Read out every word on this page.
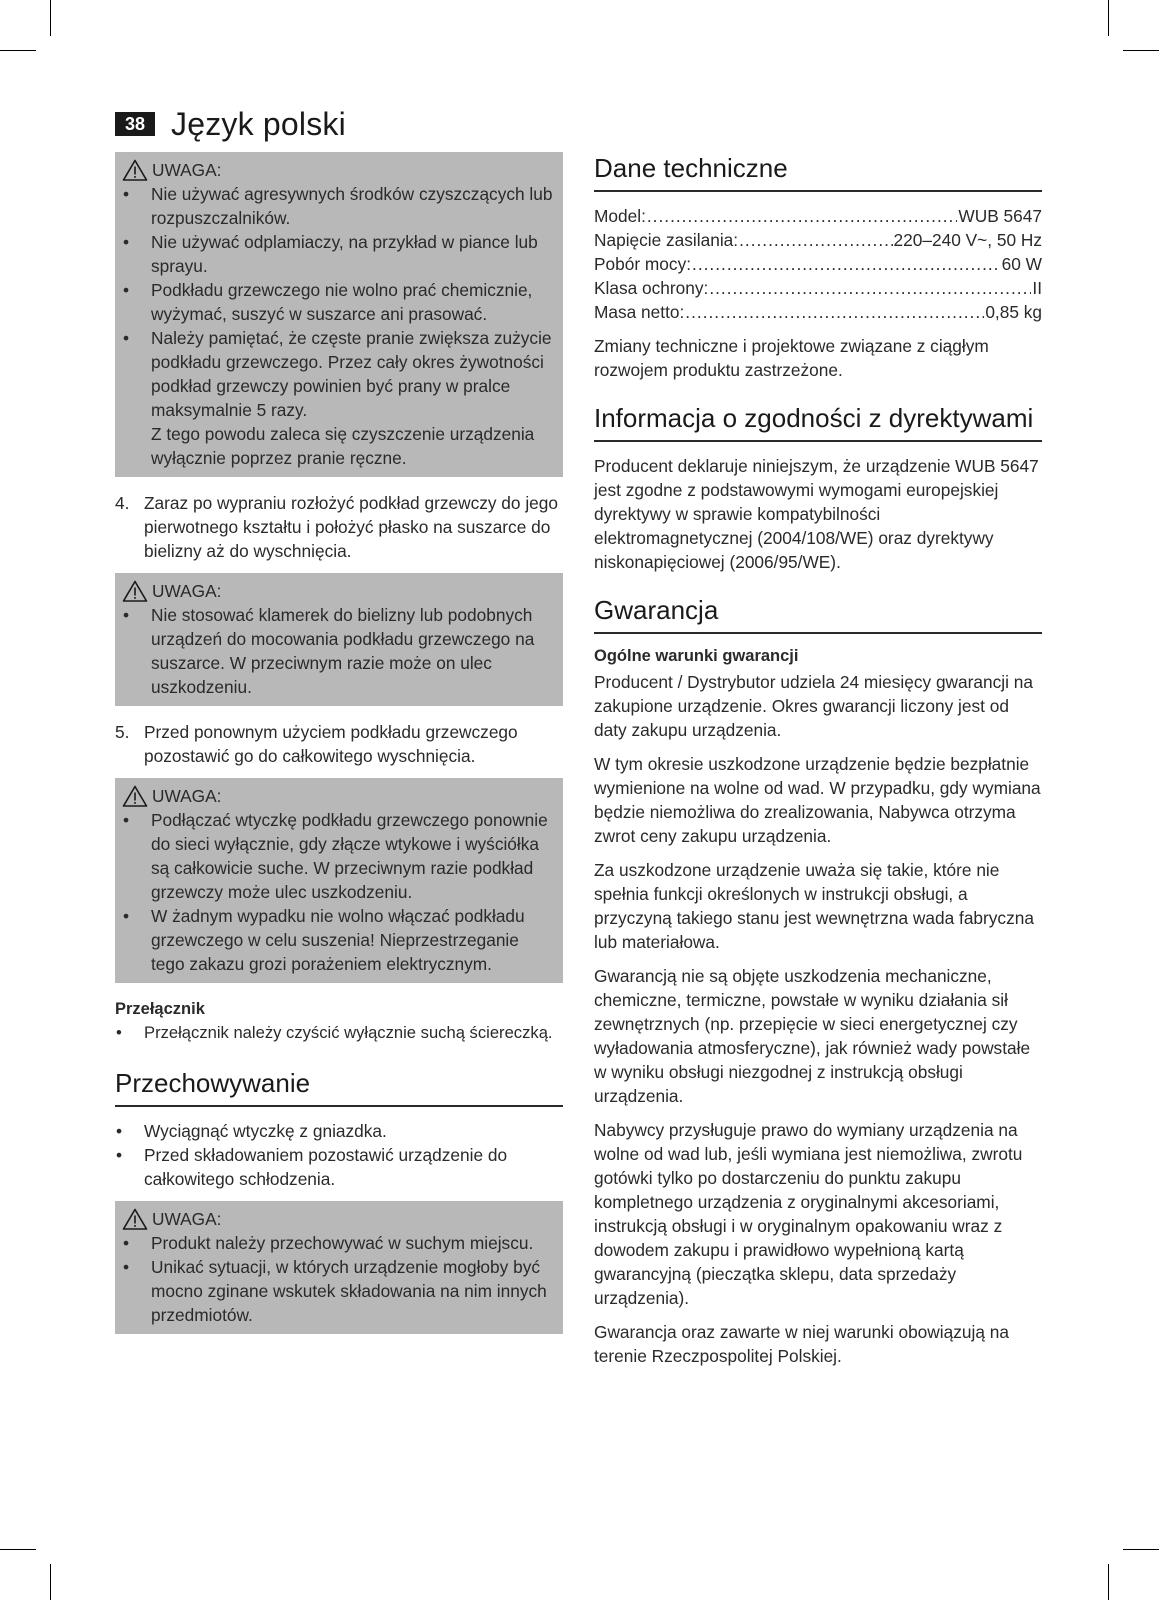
38 Język polski
UWAGA:
• Nie używać agresywnych środków czyszczących lub rozpuszczalników.
• Nie używać odplamiaczy, na przykład w piance lub sprayu.
• Podkładu grzewczego nie wolno prać chemicznie, wyżymać, suszyć w suszarce ani prasować.
• Należy pamiętać, że częste pranie zwiększa zużycie podkładu grzewczego. Przez cały okres żywotności podkład grzewczy powinien być prany w pralce maksymalnie 5 razy.
Z tego powodu zaleca się czyszczenie urządzenia wyłącznie poprzez pranie ręczne.
4. Zaraz po wypraniu rozłożyć podkład grzewczy do jego pierwotnego kształtu i położyć płasko na suszarce do bielizny aż do wyschnięcia.
UWAGA:
• Nie stosować klamerek do bielizny lub podobnych urządzeń do mocowania podkładu grzewczego na suszarce. W przeciwnym razie może on ulec uszkodzeniu.
5. Przed ponownym użyciem podkładu grzewczego pozostawić go do całkowitego wyschnięcia.
UWAGA:
• Podłączać wtyczkę podkładu grzewczego ponownie do sieci wyłącznie, gdy złącze wtykowe i wyściółka są całkowicie suche. W przeciwnym razie podkład grzewczy może ulec uszkodzeniu.
• W żadnym wypadku nie wolno włączać podkładu grzewczego w celu suszenia! Nieprzestrzeganie tego zakazu grozi porażeniem elektrycznym.
Przełącznik
• Przełącznik należy czyścić wyłącznie suchą ściereczką.
Przechowywanie
• Wyciągnąć wtyczkę z gniazdka.
• Przed składowaniem pozostawić urządzenie do całkowitego schłodzenia.
UWAGA:
• Produkt należy przechowywać w suchym miejscu.
• Unikać sytuacji, w których urządzenie mogłoby być mocno zginane wskutek składowania na nim innych przedmiotów.
Dane techniczne
Model: .....	WUB 5647
Napięcie zasilania: .....	220–240 V~, 50 Hz
Pobór mocy: .....	60 W
Klasa ochrony: .....	II
Masa netto: .....	0,85 kg

Zmiany techniczne i projektowe związane z ciągłym rozwojem produktu zastrzeżone.

Informacja o zgodności z dyrektywami

Producent deklaruje niniejszym, że urządzenie WUB 5647 jest zgodne z podstawowymi wymogami europejskiej dyrektywy w sprawie kompatybilności elektromagnetycznej (2004/108/WE) oraz dyrektywy niskonapięciowej (2006/95/WE).

Gwarancja
Ogólne warunki gwarancji

Producent / Dystrybutor udziela 24 miesięcy gwarancji na zakupione urządzenie. Okres gwarancji liczony jest od daty zakupu urządzenia.

W tym okresie uszkodzone urządzenie będzie bezpłatnie wymienione na wolne od wad. W przypadku, gdy wymiana będzie niemożliwa do zrealizowania, Nabywca otrzyma zwrot ceny zakupu urządzenia.

Za uszkodzone urządzenie uważa się takie, które nie spełnia funkcji określonych w instrukcji obsługi, a przyczyną takiego stanu jest wewnętrzna wada fabryczna lub materiałowa.

Gwarancją nie są objęte uszkodzenia mechaniczne, chemiczne, termiczne, powstałe w wyniku działania sił zewnętrznych (np. przepięcie w sieci energetycznej czy wyładowania atmosferyczne), jak również wady powstałe w wyniku obsługi niezgodnej z instrukcją obsługi urządzenia.

Nabywcy przysługuje prawo do wymiany urządzenia na wolne od wad lub, jeśli wymiana jest niemożliwa, zwrotu gotówki tylko po dostarczeniu do punktu zakupu kompletnego urządzenia z oryginalnymi akcesoriami, instrukcją obsługi i w oryginalnym opakowaniu wraz z dowodem zakupu i prawidłowo wypełnioną kartą gwarancyjną (pieczątka sklepu, data sprzedaży urządzenia).

Gwarancja oraz zawarte w niej warunki obowiązują na terenie Rzeczpospolitej Polskiej.
